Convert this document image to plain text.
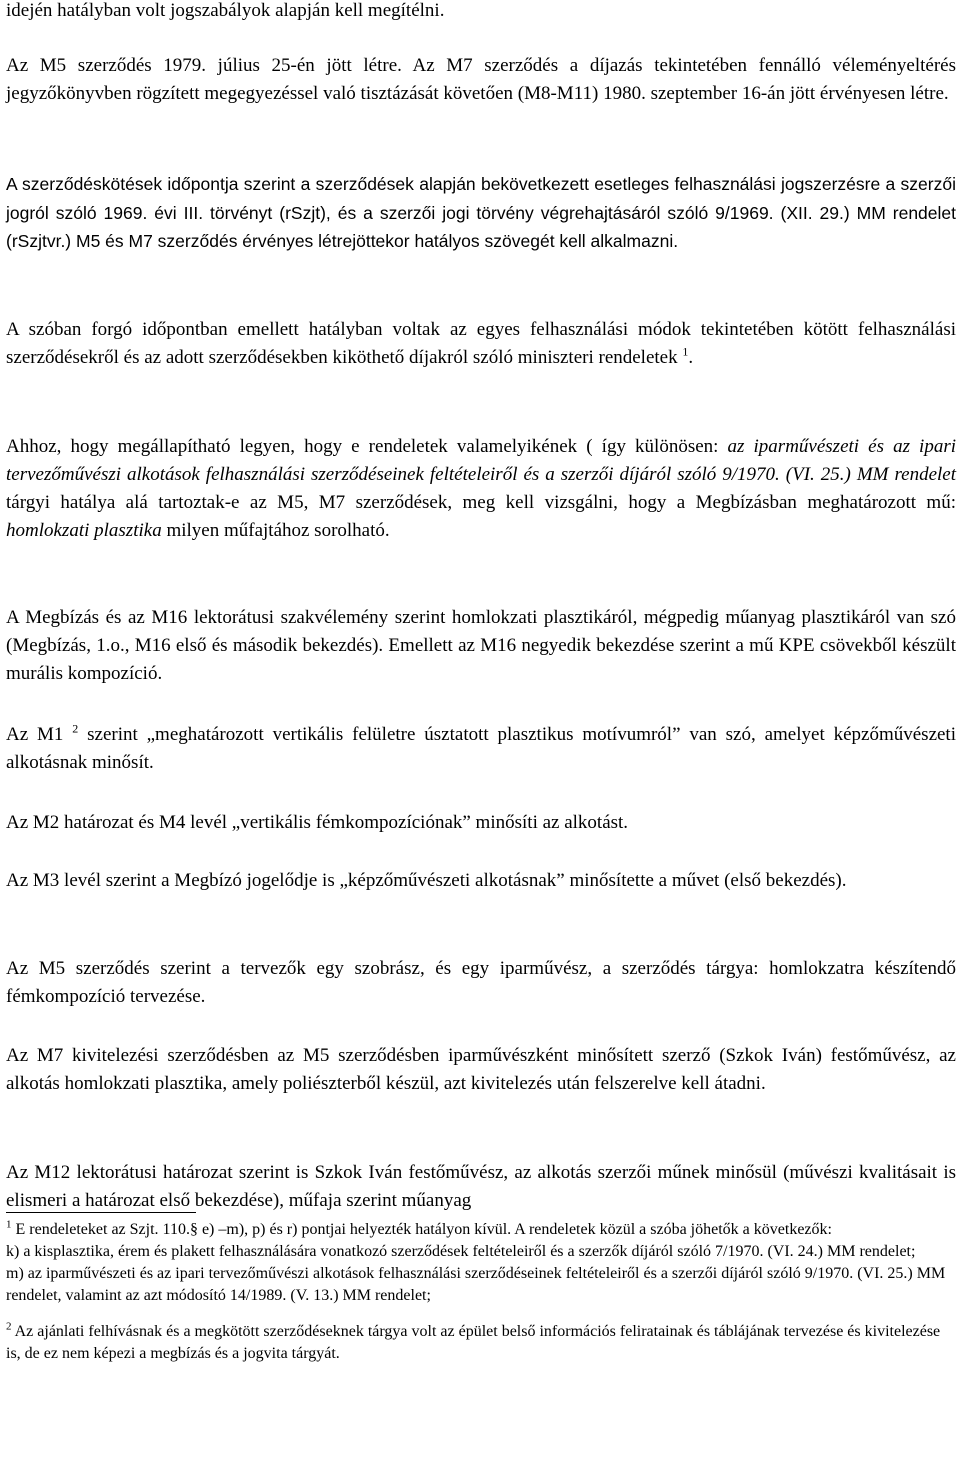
idején hatályban volt jogszabályok alapján kell megítélni.

Az M5 szerződés 1979. július 25-én jött létre. Az M7 szerződés a díjazás tekintetében fennálló véleményeltérés jegyzőkönyvben rögzített megegyezéssel való tisztázását követően (M8-M11) 1980. szeptember 16-án jött érvényesen létre.

A szerződéskötések időpontja szerint a szerződések alapján bekövetkezett esetleges felhasználási jogszerzésre a szerzői jogról szóló 1969. évi III. törvényt (rSzjt), és a szerzői jogi törvény végrehajtásáról szóló 9/1969. (XII. 29.) MM rendelet (rSzjtvr.) M5 és M7 szerződés érvényes létrejöttekor hatályos szövegét kell alkalmazni.

A szóban forgó időpontban emellett hatályban voltak az egyes felhasználási módok tekintetében kötött felhasználási szerződésekről és az adott szerződésekben kiköthető díjakról szóló miniszteri rendeletek $^1$.

Ahhoz, hogy megállapítható legyen, hogy e rendeletek valamelyikének ( így különösen: az iparművészeti és az ipari tervezőművészi alkotások felhasználási szerződéseinek feltételeiről és a szerzői díjáról szóló 9/1970. (VI. 25.) MM rendelet tárgyi hatálya alá tartoztak-e az M5, M7 szerződések, meg kell vizsgálni, hogy a Megbízásban meghatározott mű: homlokzati plasztika milyen műfajtához sorolható.

A Megbízás és az M16 lektorátusi szakvélemény szerint homlokzati plasztikáról, mégpedig műanyag plasztikáról van szó (Megbízás, 1.o., M16 első és második bekezdés). Emellett az M16 negyedik bekezdése szerint a mű KPE csövekből készült murális kompozíció.

Az M1 $^2$ szerint „meghatározott vertikális felületre úsztatott plasztikus motívumról” van szó, amelyet képzőművészeti alkotásnak minősít.

Az M2 határozat és M4 levél „vertikális fémkompozíciónak” minősíti az alkotást.

Az M3 levél szerint a Megbízó jogelődje is „képzőművészeti alkotásnak” minősítette a művet (első bekezdés).

Az M5 szerződés szerint a tervezők egy szobrász, és egy iparművész, a szerződés tárgya: homlokzatra készítendő fémkompozíció tervezése.

Az M7 kivitelezési szerződésben az M5 szerződésben iparművészként minősített szerző (Szkok Iván) festőművész, az alkotás homlokzati plasztika, amely poliészterből készül, azt kivitelezés után felszerelve kell átadni.

Az M12 lektorátusi határozat szerint is Szkok Iván festőművész, az alkotás szerzői műnek minősül (művészi kvalitásait is elismeri a határozat első bekezdése), műfaja szerint műanyag

$^1$ E rendeleteket az Szjt. 110.§ e) –m), p) és r) pontjai helyezték hatályon kívül. A rendeletek közül a szóba jöhetők a következők:

k) a kisplasztika, érem és plakett felhasználására vonatkozó szerződések feltételeiről és a szerzők díjáról szóló 7/1970. (VI. 24.) MM rendelet;

m) az iparművészeti és az ipari tervezőművészi alkotások felhasználási szerződéseinek feltételeiről és a szerzői díjáról szóló 9/1970. (VI. 25.) MM rendelet, valamint az azt módosító 14/1989. (V. 13.) MM rendelet;

$^2$ Az ajánlati felhívásnak és a megkötött szerződéseknek tárgya volt az épület belső információs feliratainak és táblájának tervezése és kivitelezése is, de ez nem képezi a megbízás és a jogvita tárgyát.
